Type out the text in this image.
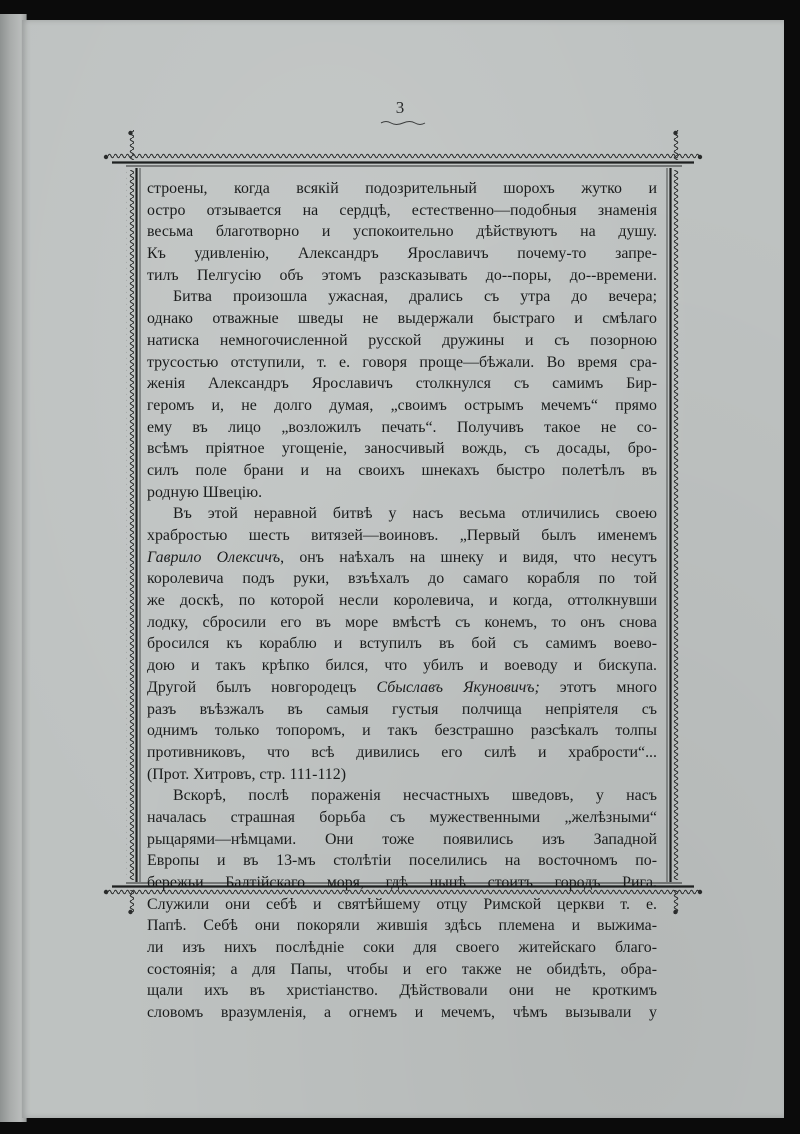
3
строены, когда всякій подозрительный шорохъ жутко и
остро отзывается на сердцѣ, естественно—подобныя знаменія
весьма благотворно и успокоительно дѣйствуютъ на душу.
Къ удивленію, Александръ Ярославичъ почему-то запре-
тилъ Пелгусію объ этомъ разсказывать до--поры, до--времени.
Битва произошла ужасная, дрались съ утра до вечера;
однако отважные шведы не выдержали быстраго и смѣлаго
натиска немногочисленной русской дружины и съ позорною
трусостью отступили, т. е. говоря проще—бѣжали. Во время сра-
женія Александръ Ярославичъ столкнулся съ самимъ Бир-
геромъ и, не долго думая, „своимъ острымъ мечемъ“ прямо
ему въ лицо „возложилъ печать“. Получивъ такое не со-
всѣмъ пріятное угощеніе, заносчивый вождь, съ досады, бро-
силъ поле брани и на своихъ шнекахъ быстро полетѣлъ въ
родную Швецію.
Въ этой неравной битвѣ у насъ весьма отличились своею
храбростью шесть витязей—воиновъ. „Первый былъ именемъ
Гаврило Олексичъ, онъ наѣхалъ на шнеку и видя, что несутъ
королевича подъ руки, взъѣхалъ до самаго корабля по той
же доскѣ, по которой несли королевича, и когда, оттолкнувши
лодку, сбросили его въ море вмѣстѣ съ конемъ, то онъ снова
бросился къ кораблю и вступилъ въ бой съ самимъ воево-
дою и такъ крѣпко бился, что убилъ и воеводу и бискупа.
Другой былъ новгородецъ Сбыславъ Якуновичъ; этотъ много
разъ въѣзжалъ въ самыя густыя полчища непріятеля съ
однимъ только топоромъ, и такъ безстрашно разсѣкалъ толпы
противниковъ, что всѣ дивились его силѣ и храбрости“...
(Прот. Хитровъ, стр. 111-112)
Вскорѣ, послѣ пораженія несчастныхъ шведовъ, у насъ
началась страшная борьба съ мужественными „желѣзными“
рыцарями—нѣмцами. Они тоже появились изъ Западной
Европы и въ 13-мъ столѣтіи поселились на восточномъ по-
бережьи Балтійскаго моря, гдѣ нынѣ стоитъ городъ Рига.
Служили они себѣ и святѣйшему отцу Римской церкви т. е.
Папѣ. Себѣ они покоряли жившія здѣсь племена и выжима-
ли изъ нихъ послѣдніе соки для своего житейскаго благо-
состоянія; а для Папы, чтобы и его также не обидѣть, обра-
щали ихъ въ христіанство. Дѣйствовали они не кроткимъ
словомъ вразумленія, а огнемъ и мечемъ, чѣмъ вызывали у
